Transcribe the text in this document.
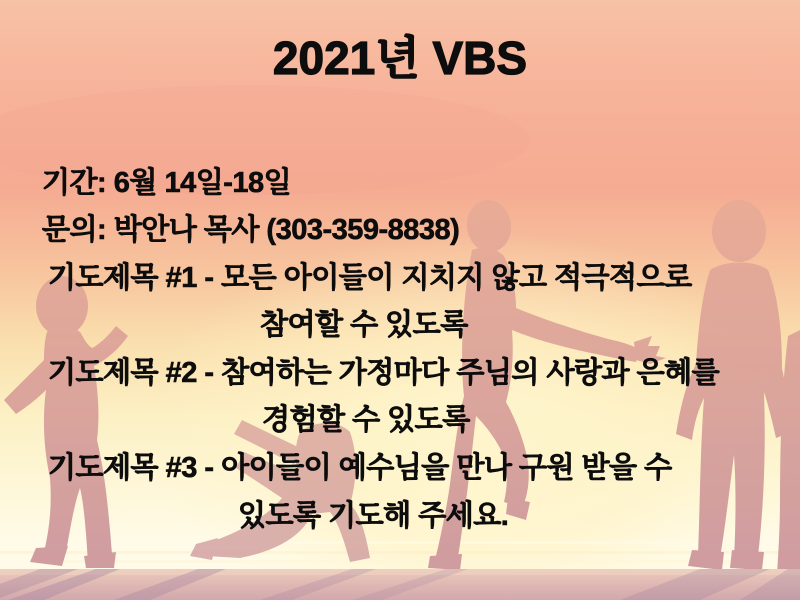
2021년 VBS
기간: 6월 14일-18일
문의: 박안나 목사 (303-359-8838)
기도제목 #1 - 모든 아이들이 지치지 않고 적극적으로
참여할 수 있도록
기도제목 #2 - 참여하는 가정마다 주님의 사랑과 은혜를
경험할 수 있도록
기도제목 #3 - 아이들이 예수님을 만나 구원 받을 수
있도록 기도해 주세요.
